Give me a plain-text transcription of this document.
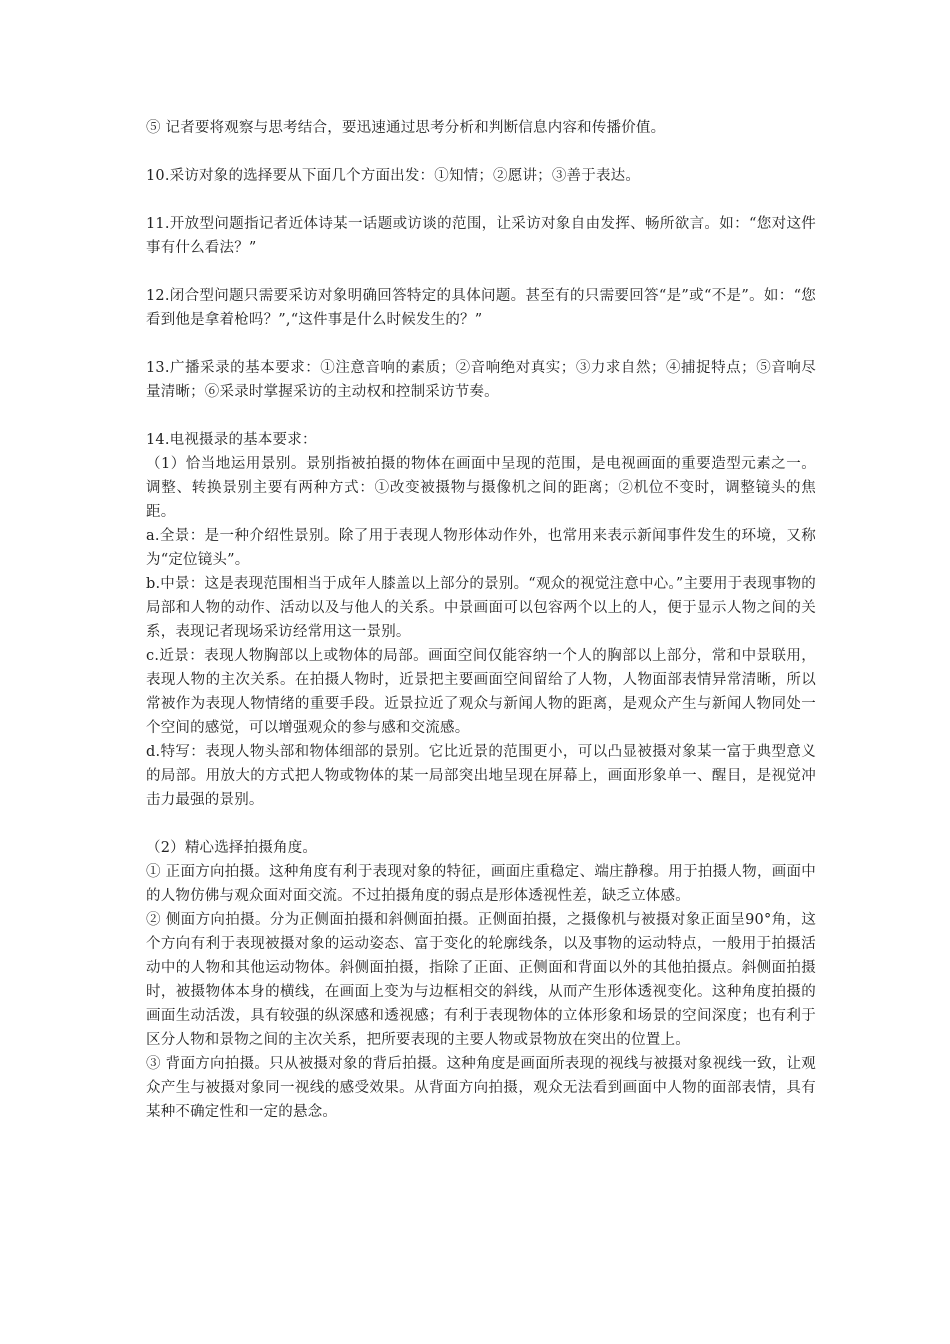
⑤ 记者要将观察与思考结合，要迅速通过思考分析和判断信息内容和传播价值。

10.采访对象的选择要从下面几个方面出发：①知情；②愿讲；③善于表达。

11.开放型问题指记者近体诗某一话题或访谈的范围，让采访对象自由发挥、畅所欲言。如：“您对这件事有什么看法？”

12.闭合型问题只需要采访对象明确回答特定的具体问题。甚至有的只需要回答“是”或“不是”。如：“您看到他是拿着枪吗？”,“这件事是什么时候发生的？”

13.广播采录的基本要求：①注意音响的素质；②音响绝对真实；③力求自然；④捕捉特点；⑤音响尽量清晰；⑥采录时掌握采访的主动权和控制采访节奏。

14.电视摄录的基本要求：

（1）恰当地运用景别。景别指被拍摄的物体在画面中呈现的范围，是电视画面的重要造型元素之一。调整、转换景别主要有两种方式：①改变被摄物与摄像机之间的距离；②机位不变时，调整镜头的焦距。

a.全景：是一种介绍性景别。除了用于表现人物形体动作外，也常用来表示新闻事件发生的环境，又称为“定位镜头”。

b.中景：这是表现范围相当于成年人膝盖以上部分的景别。“观众的视觉注意中心。”主要用于表现事物的局部和人物的动作、活动以及与他人的关系。中景画面可以包容两个以上的人，便于显示人物之间的关系，表现记者现场采访经常用这一景别。

c.近景：表现人物胸部以上或物体的局部。画面空间仅能容纳一个人的胸部以上部分，常和中景联用，表现人物的主次关系。在拍摄人物时，近景把主要画面空间留给了人物，人物面部表情异常清晰，所以常被作为表现人物情绪的重要手段。近景拉近了观众与新闻人物的距离，是观众产生与新闻人物同处一个空间的感觉，可以增强观众的参与感和交流感。

d.特写：表现人物头部和物体细部的景别。它比近景的范围更小，可以凸显被摄对象某一富于典型意义的局部。用放大的方式把人物或物体的某一局部突出地呈现在屏幕上，画面形象单一、醒目，是视觉冲击力最强的景别。

（2）精心选择拍摄角度。

① 正面方向拍摄。这种角度有利于表现对象的特征，画面庄重稳定、端庄静穆。用于拍摄人物，画面中的人物仿佛与观众面对面交流。不过拍摄角度的弱点是形体透视性差，缺乏立体感。

② 侧面方向拍摄。分为正侧面拍摄和斜侧面拍摄。正侧面拍摄，之摄像机与被摄对象正面呈90°角，这个方向有利于表现被摄对象的运动姿态、富于变化的轮廓线条，以及事物的运动特点，一般用于拍摄活动中的人物和其他运动物体。斜侧面拍摄，指除了正面、正侧面和背面以外的其他拍摄点。斜侧面拍摄时，被摄物体本身的横线，在画面上变为与边框相交的斜线，从而产生形体透视变化。这种角度拍摄的画面生动活泼，具有较强的纵深感和透视感；有利于表现物体的立体形象和场景的空间深度；也有利于区分人物和景物之间的主次关系，把所要表现的主要人物或景物放在突出的位置上。

③ 背面方向拍摄。只从被摄对象的背后拍摄。这种角度是画面所表现的视线与被摄对象视线一致，让观众产生与被摄对象同一视线的感受效果。从背面方向拍摄，观众无法看到画面中人物的面部表情，具有某种不确定性和一定的悬念。
